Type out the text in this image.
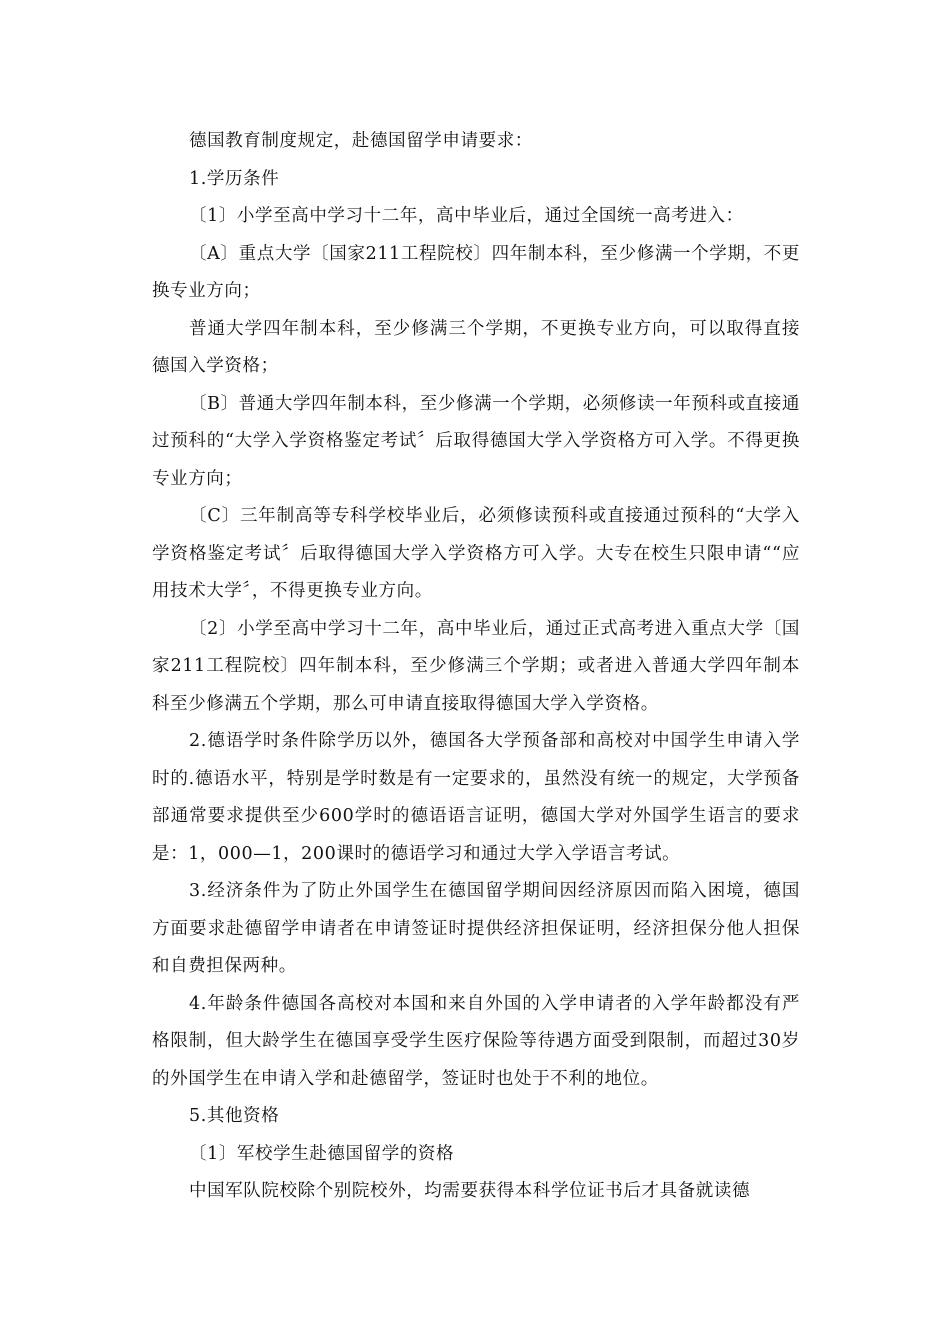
德国教育制度规定，赴德国留学申请要求：

1.学历条件

〔1〕小学至高中学习十二年，高中毕业后，通过全国统一高考进入：

〔A〕重点大学〔国家211工程院校〕四年制本科，至少修满一个学期，不更换专业方向；

普通大学四年制本科，至少修满三个学期，不更换专业方向，可以取得直接德国入学资格；

〔B〕普通大学四年制本科，至少修满一个学期，必须修读一年预科或直接通过预科的“大学入学资格鉴定考试〞后取得德国大学入学资格方可入学。不得更换专业方向；

〔C〕三年制高等专科学校毕业后，必须修读预科或直接通过预科的“大学入学资格鉴定考试〞后取得德国大学入学资格方可入学。大专在校生只限申请““应用技术大学〞，不得更换专业方向。

〔2〕小学至高中学习十二年，高中毕业后，通过正式高考进入重点大学〔国家211工程院校〕四年制本科，至少修满三个学期；或者进入普通大学四年制本科至少修满五个学期，那么可申请直接取得德国大学入学资格。

2.德语学时条件除学历以外，德国各大学预备部和高校对中国学生申请入学时的.德语水平，特别是学时数是有一定要求的，虽然没有统一的规定，大学预备部通常要求提供至少600学时的德语语言证明，德国大学对外国学生语言的要求是：1，000—1，200课时的德语学习和通过大学入学语言考试。

3.经济条件为了防止外国学生在德国留学期间因经济原因而陷入困境，德国方面要求赴德留学申请者在申请签证时提供经济担保证明，经济担保分他人担保和自费担保两种。

4.年龄条件德国各高校对本国和来自外国的入学申请者的入学年龄都没有严格限制，但大龄学生在德国享受学生医疗保险等待遇方面受到限制，而超过30岁的外国学生在申请入学和赴德留学，签证时也处于不利的地位。

5.其他资格

〔1〕军校学生赴德国留学的资格

中国军队院校除个别院校外，均需要获得本科学位证书后才具备就读德
